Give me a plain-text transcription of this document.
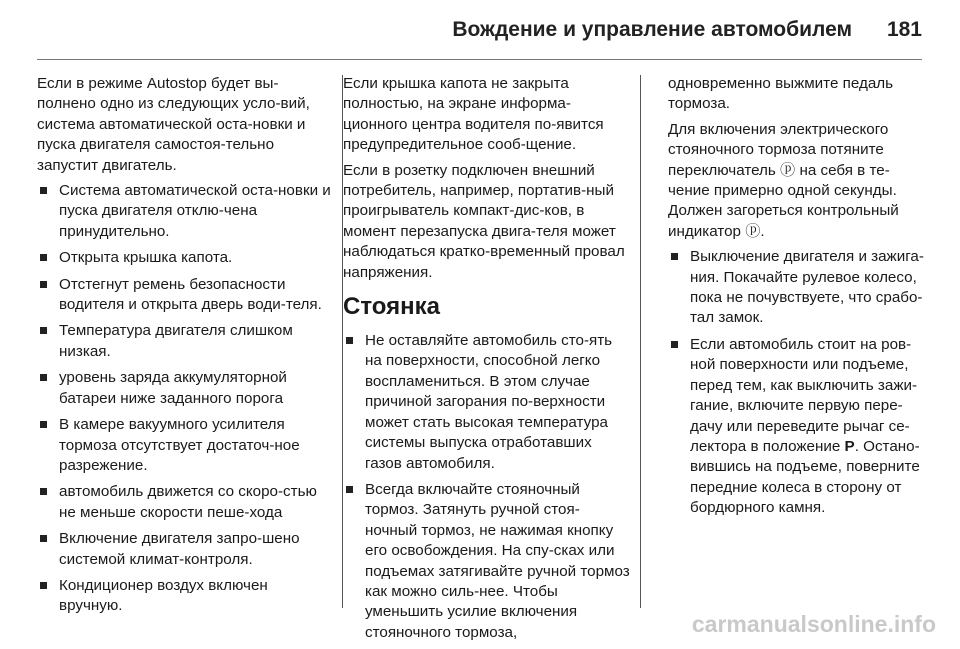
Вождение и управление автомобилем	181

Если в режиме Autostop будет вы-полнено одно из следующих усло-вий, система автоматической оста-новки и пуска двигателя самостоя-тельно запустит двигатель.

Система автоматической оста-новки и пуска двигателя отклю-чена принудительно.
Открыта крышка капота.
Отстегнут ремень безопасности водителя и открыта дверь води-теля.
Температура двигателя слишком низкая.
уровень заряда аккумуляторной батареи ниже заданного порога
В камере вакуумного усилителя тормоза отсутствует достаточ-ное разрежение.
автомобиль движется со скоро-стью не меньше скорости пеше-хода
Включение двигателя запро-шено системой климат-контроля.
Кондиционер воздух включен вручную.

Если крышка капота не закрыта полностью, на экране информа-ционного центра водителя по-явится предупредительное сооб-щение.

Если в розетку подключен внешний потребитель, например, портатив-ный проигрыватель компакт-дис-ков, в момент перезапуска двига-теля может наблюдаться кратко-временный провал напряжения.

Стоянка
Не оставляйте автомобиль сто-ять на поверхности, способной легко воспламениться. В этом случае причиной загорания по-верхности может стать высокая температура системы выпуска отработавших газов автомобиля.
Всегда включайте стояночный тормоз. Затянуть ручной стоя-ночный тормоз, не нажимая кнопку его освобождения. На спу-сках или подъемах затягивайте ручной тормоз как можно силь-нее. Чтобы уменьшить усилие включения стояночного тормоза,

одновременно выжмите педаль тормоза.

Для включения электрического стояночного тормоза потяните переключатель ⓟ на себя в те-чение примерно одной секунды. Должен загореться контрольный индикатор ⓟ.

Выключение двигателя и зажига-ния. Покачайте рулевое колесо, пока не почувствуете, что срабо-тал замок.
Если автомобиль стоит на ров-ной поверхности или подъеме, перед тем, как выключить зажи-гание, включите первую пере-дачу или переведите рычаг се-лектора в положение P. Остано-вившись на подъеме, поверните передние колеса в сторону от бордюрного камня.
carmanualsonline.info
